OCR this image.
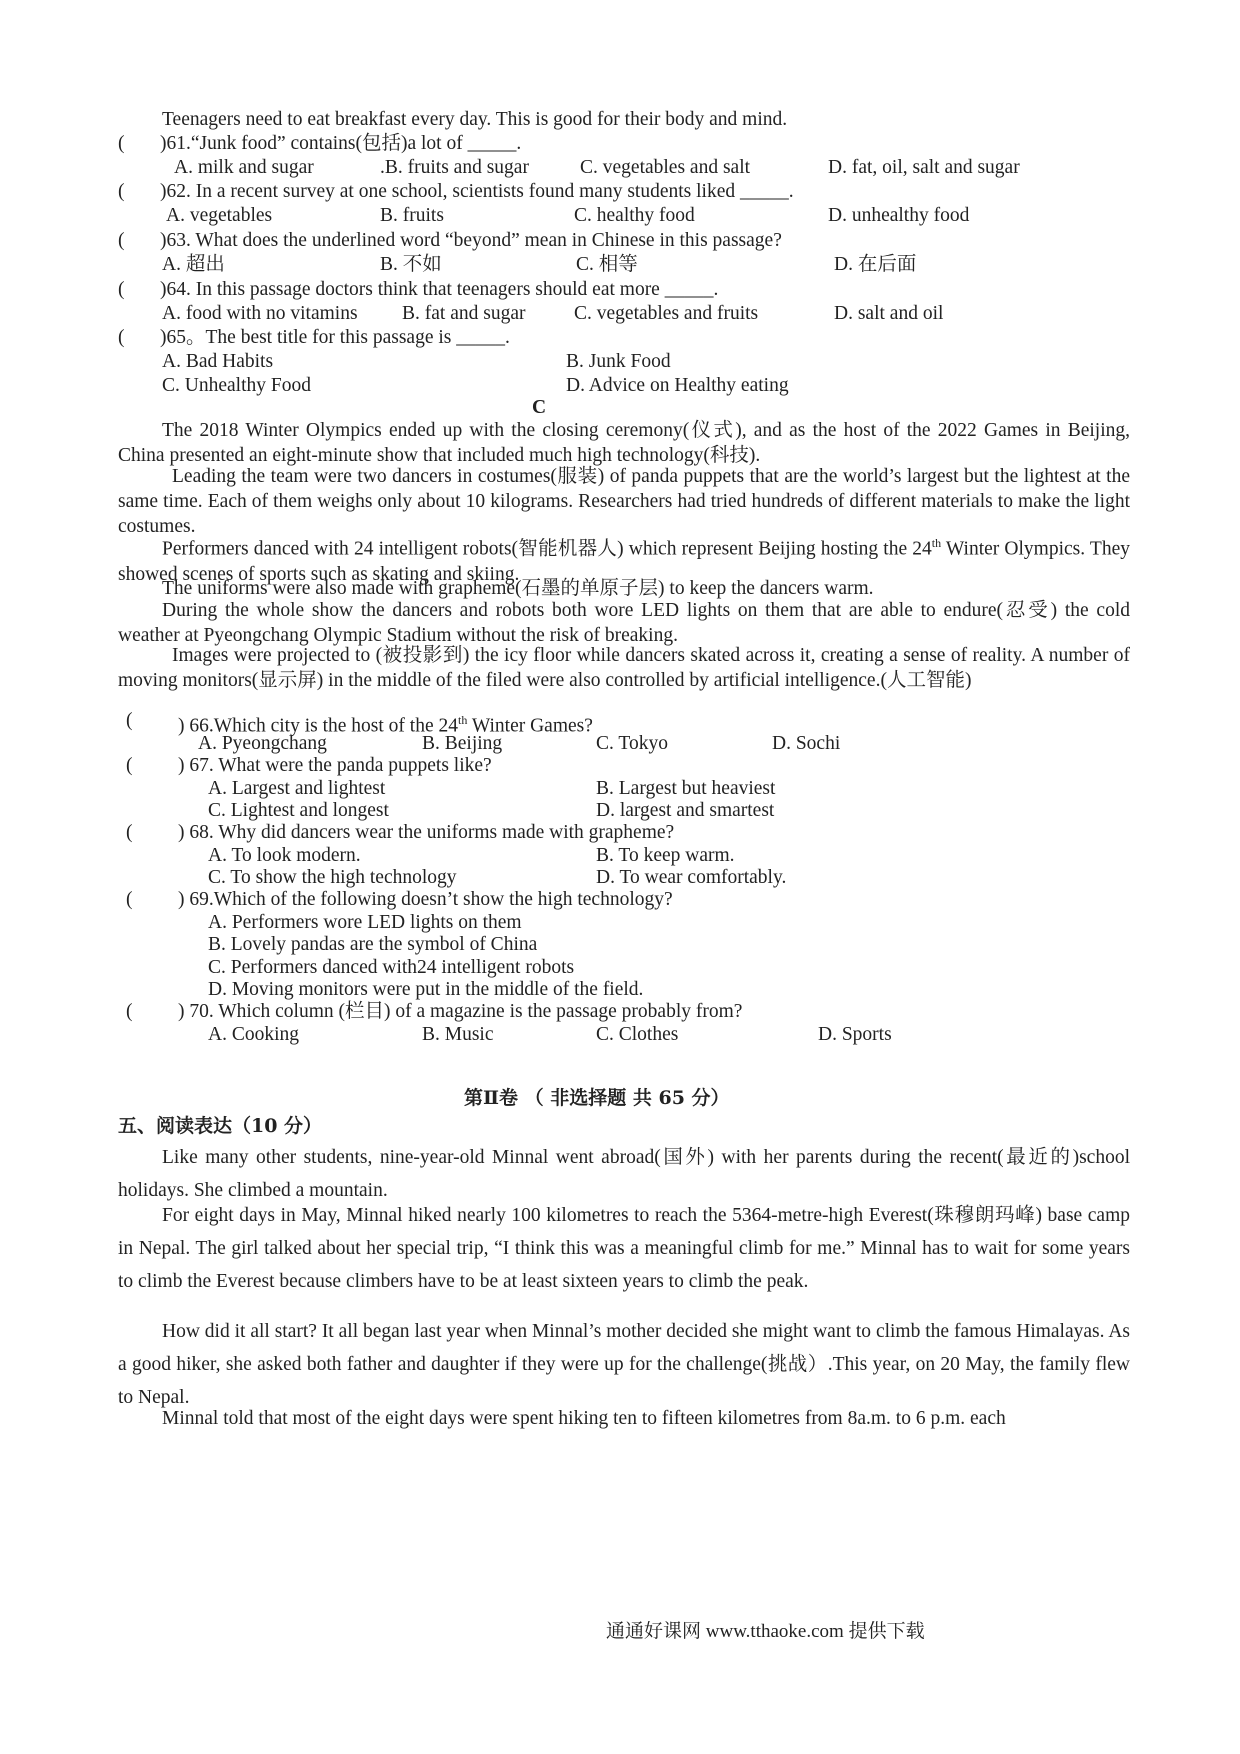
Teenagers need to eat breakfast every day. This is good for their body and mind.
( )61.“Junk food” contains(包括)a lot of _____.
A. milk and sugar	.B. fruits and sugar	C. vegetables and salt	D. fat, oil, salt and sugar
( )62. In a recent survey at one school, scientists found many students liked _____.
A. vegetables	B. fruits	C. healthy food	D. unhealthy food
( )63. What does the underlined word “beyond” mean in Chinese in this passage?
A. 超出	B. 不如	C. 相等	D. 在后面
( )64. In this passage doctors think that teenagers should eat more _____.
A. food with no vitamins B. fat and sugar C. vegetables and fruits	D. salt and oil
( )65。The best title for this passage is _____.
A. Bad Habits	B. Junk Food
C. Unhealthy Food	D. Advice on Healthy eating
C
The 2018 Winter Olympics ended up with the closing ceremony(仪式), and as the host of the 2022 Games in Beijing, China presented an eight-minute show that included much high technology(科技).
Leading the team were two dancers in costumes(服装) of panda puppets that are the world’s largest but the lightest at the same time. Each of them weighs only about 10 kilograms. Researchers had tried hundreds of different materials to make the light costumes.
Performers danced with 24 intelligent robots(智能机器人) which represent Beijing hosting the 24th Winter Olympics. They showed scenes of sports such as skating and skiing.
The uniforms were also made with grapheme(石墨的单原子层) to keep the dancers warm.
During the whole show the dancers and robots both wore LED lights on them that are able to endure(忍受) the cold weather at Pyeongchang Olympic Stadium without the risk of breaking.
Images were projected to (被投影到) the icy floor while dancers skated across it, creating a sense of reality. A number of moving monitors(显示屏) in the middle of the filed were also controlled by artificial intelligence.(人工智能)
( ) 66.Which city is the host of the 24th Winter Games?
A. Pyeongchang	B. Beijing	C. Tokyo	D. Sochi
( ) 67. What were the panda puppets like?
A. Largest and lightest	B. Largest but heaviest
C. Lightest and longest	D. largest and smartest
( ) 68. Why did dancers wear the uniforms made with grapheme?
A. To look modern.	B. To keep warm.
C. To show the high technology	D. To wear comfortably.
( ) 69.Which of the following doesn’t show the high technology?
A. Performers wore LED lights on them
B. Lovely pandas are the symbol of China
C. Performers danced with24 intelligent robots
D. Moving monitors were put in the middle of the field.
( ) 70. Which column (栏目) of a magazine is the passage probably from?
A. Cooking	B. Music	C. Clothes	D. Sports
第Ⅱ卷 （ 非选择题 共 65 分）
五、阅读表达（10 分）
Like many other students, nine-year-old Minnal went abroad(国外) with her parents during the recent(最近的)school holidays. She climbed a mountain.
For eight days in May, Minnal hiked nearly 100 kilometres to reach the 5364-metre-high Everest(珠穆朗玛峰) base camp in Nepal. The girl talked about her special trip, “I think this was a meaningful climb for me.” Minnal has to wait for some years to climb the Everest because climbers have to be at least sixteen years to climb the peak.
How did it all start? It all began last year when Minnal’s mother decided she might want to climb the famous Himalayas. As a good hiker, she asked both father and daughter if they were up for the challenge(挑战）.This year, on 20 May, the family flew to Nepal.
Minnal told that most of the eight days were spent hiking ten to fifteen kilometres from 8a.m. to 6 p.m. each
通通好课网 www.tthaoke.com 提供下载
